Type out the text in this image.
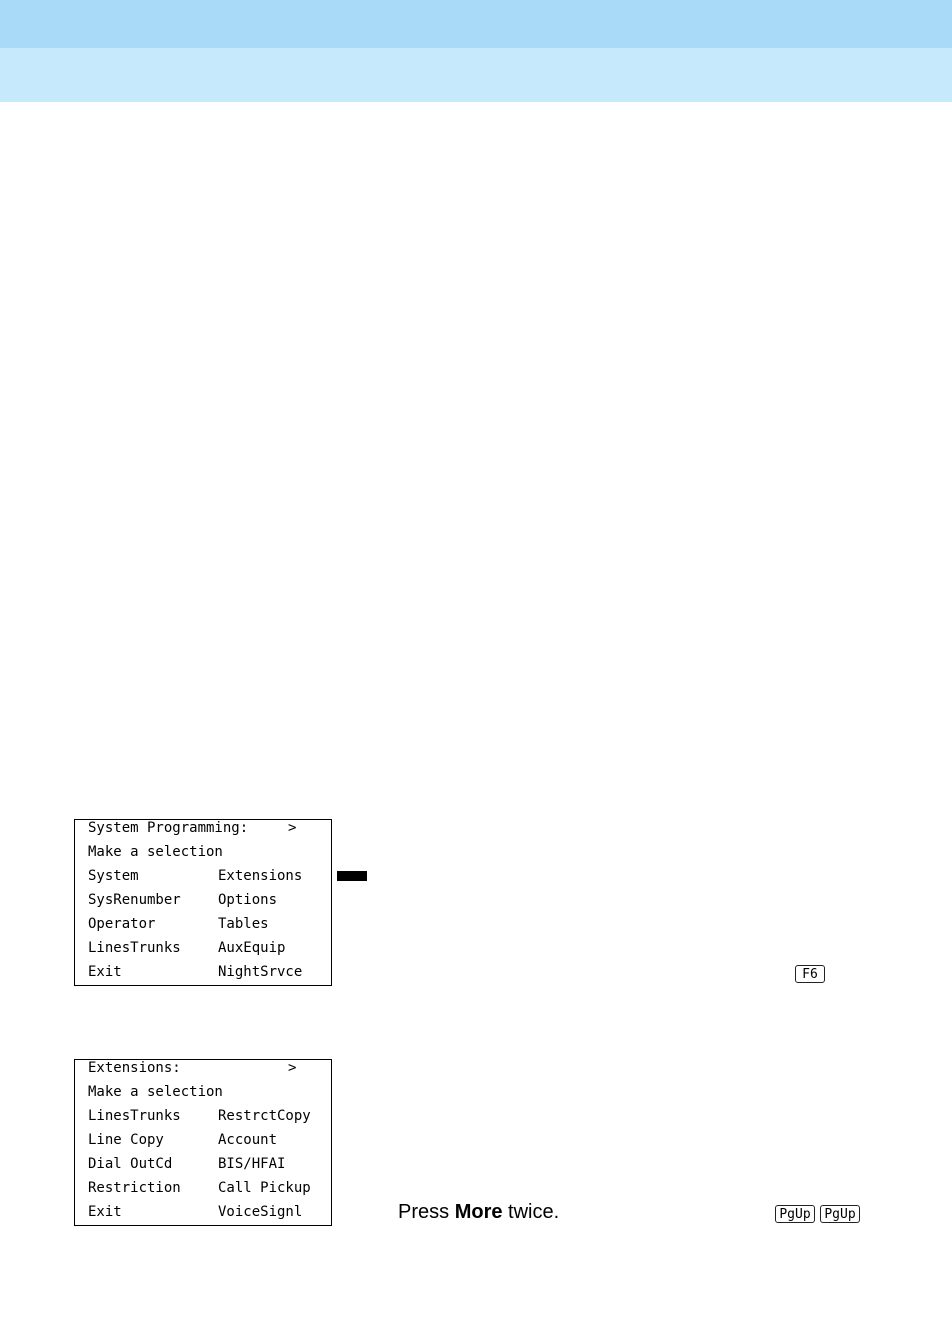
System Programming:	>
Make a selection
System	Extensions
SysRenumber	Options
Operator	Tables
LinesTrunks	AuxEquip
Exit	NightSrvce	F6
Extensions:	>
Make a selection
LinesTrunks	RestrctCopy
Line Copy	Account
Dial OutCd	BIS/HFAI
Restriction	Call Pickup
Exit	VoiceSignl	Press More twice.	PgUp	PgUp
